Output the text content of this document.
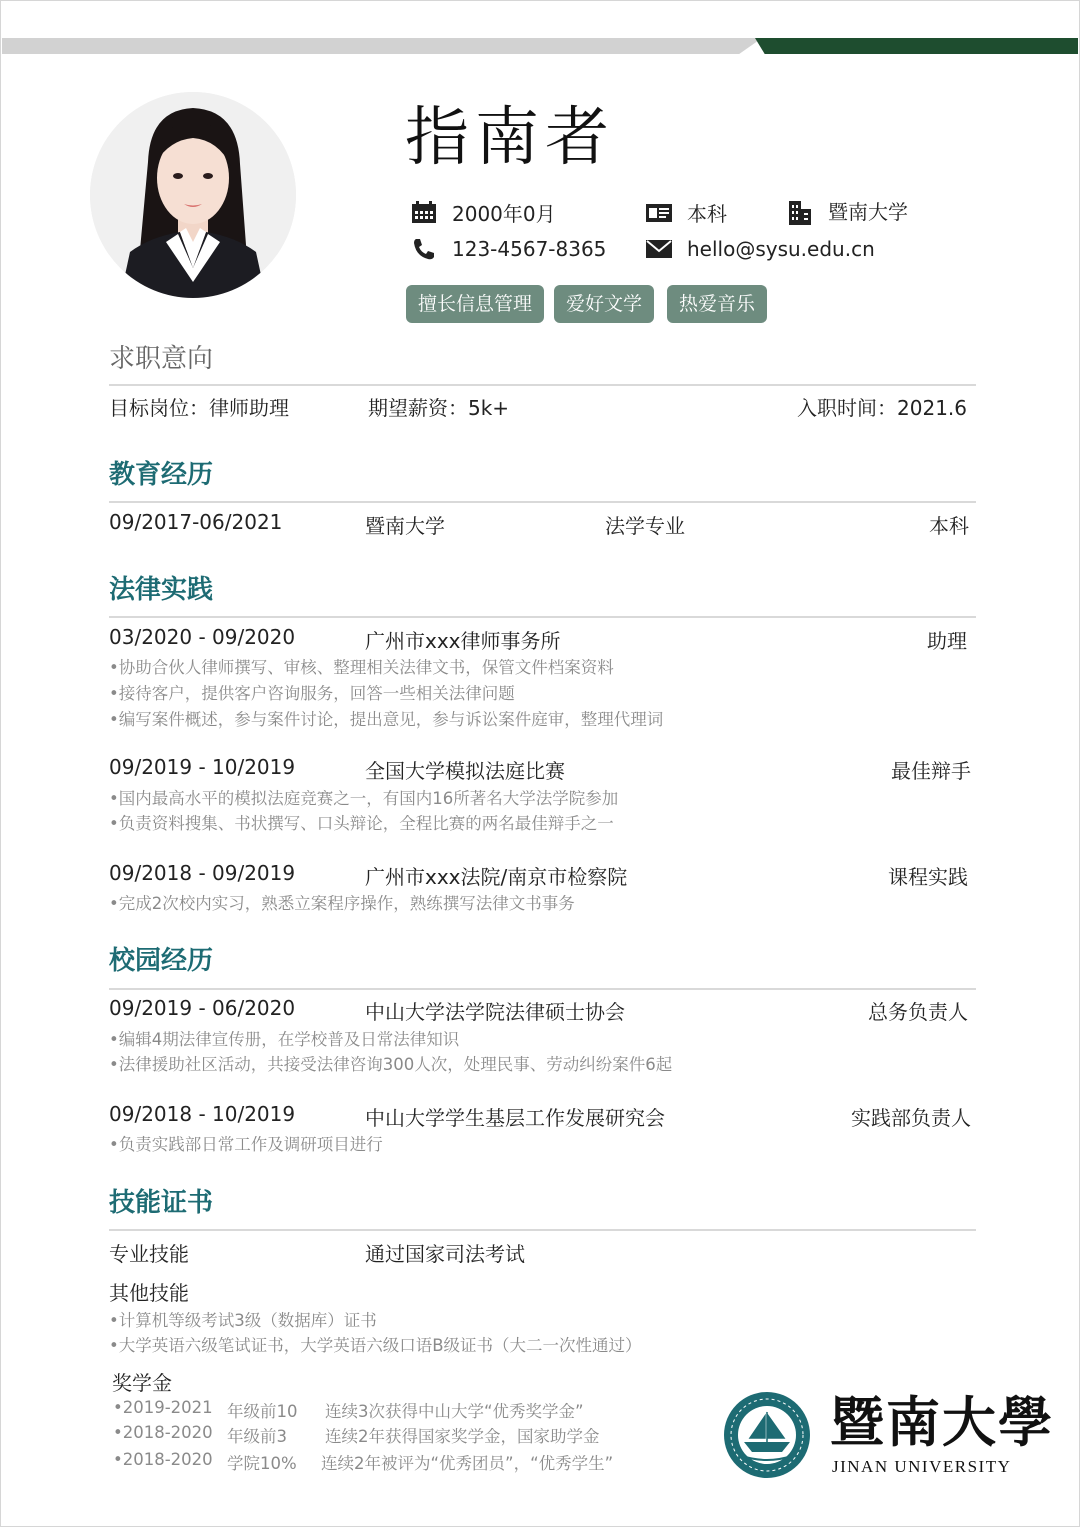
指南者
2000年0月	本科	暨南大学
123-4567-8365	hello@sysu.edu.cn
擅长信息管理	爱好文学	热爱音乐
求职意向
目标岗位：律师助理	期望薪资：5k+	入职时间：2021.6
教育经历
09/2017-06/2021	暨南大学	法学专业	本科
法律实践
03/2020 - 09/2020	广州市xxx律师事务所	助理
•协助合伙人律师撰写、审核、整理相关法律文书，保管文件档案资料
•接待客户，提供客户咨询服务，回答一些相关法律问题
•编写案件概述，参与案件讨论，提出意见，参与诉讼案件庭审，整理代理词
09/2019 - 10/2019	全国大学模拟法庭比赛	最佳辩手
•国内最高水平的模拟法庭竞赛之一，有国内16所著名大学法学院参加
•负责资料搜集、书状撰写、口头辩论，全程比赛的两名最佳辩手之一
09/2018 - 09/2019	广州市xxx法院/南京市检察院	课程实践
•完成2次校内实习，熟悉立案程序操作，熟练撰写法律文书事务
校园经历
09/2019 - 06/2020	中山大学法学院法律硕士协会	总务负责人
•编辑4期法律宣传册，在学校普及日常法律知识
•法律援助社区活动，共接受法律咨询300人次，处理民事、劳动纠纷案件6起
09/2018 - 10/2019	中山大学学生基层工作发展研究会	实践部负责人
•负责实践部日常工作及调研项目进行
技能证书
专业技能	通过国家司法考试
其他技能
•计算机等级考试3级（数据库）证书
•大学英语六级笔试证书，大学英语六级口语B级证书（大二一次性通过）
奖学金
•2019-2021 年级前10 连续3次获得中山大学“优秀奖学金”
•2018-2020 年级前3 连续2年获得国家奖学金，国家助学金
•2018-2020 学院10% 连续2年被评为“优秀团员”，“优秀学生”
暨南大學
JINAN UNIVERSITY
